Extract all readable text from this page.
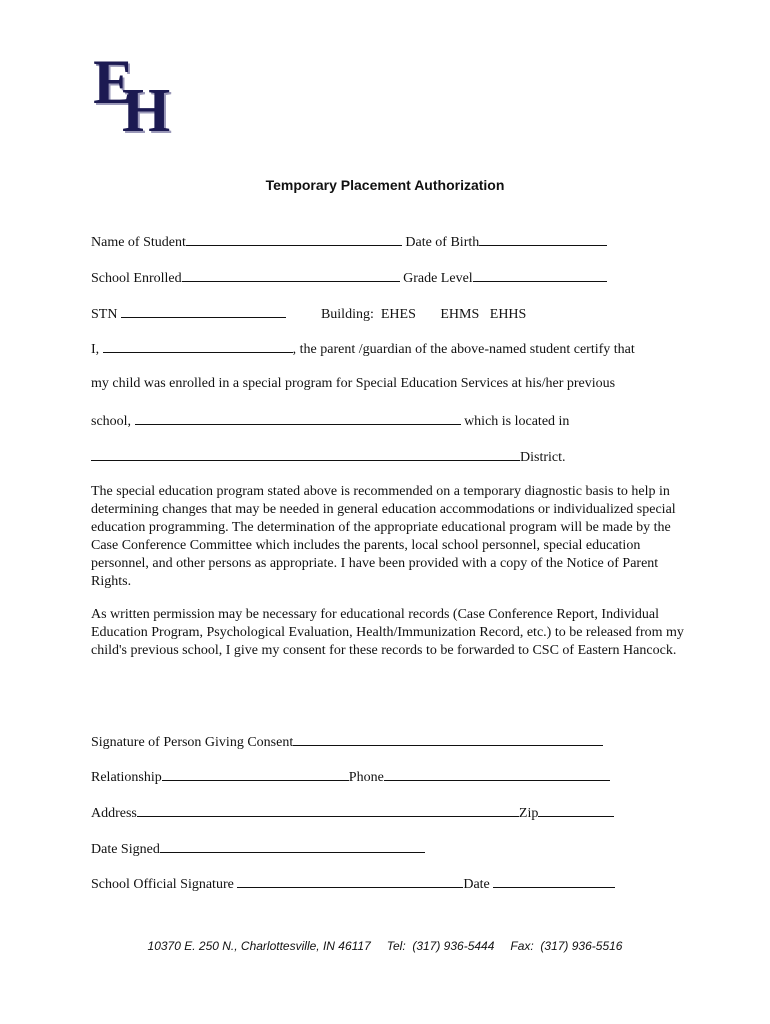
E
H
Temporary Placement Authorization
Name of Student	Date of Birth
School Enrolled	Grade Level
STN	Building: EHES EHMS EHHS
I,	, the parent /guardian of the above-named student certify that
my child was enrolled in a special program for Special Education Services at his/her previous
school,	which is located in
District.
The special education program stated above is recommended on a temporary diagnostic basis to help in determining changes that may be needed in general education accommodations or individualized special education programming. The determination of the appropriate educational program will be made by the Case Conference Committee which includes the parents, local school personnel, special education personnel, and other persons as appropriate. I have been provided with a copy of the Notice of Parent Rights.
As written permission may be necessary for educational records (Case Conference Report, Individual Education Program, Psychological Evaluation, Health/Immunization Record, etc.) to be released from my child's previous school, I give my consent for these records to be forwarded to CSC of Eastern Hancock.
Signature of Person Giving Consent
Relationship	Phone
Address	Zip
Date Signed
School Official Signature	Date
10370 E. 250 N., Charlottesville, IN 46117 Tel:  (317) 936-5444 Fax:  (317) 936-5516
